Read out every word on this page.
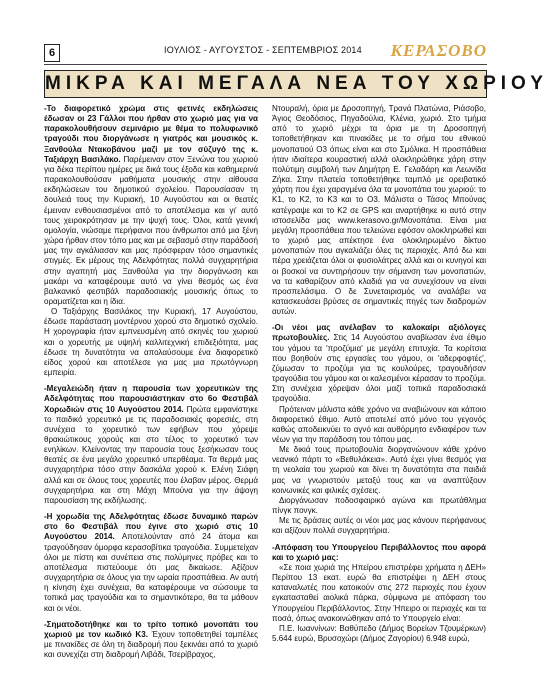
6	ΙΟΥΛΙΟΣ - ΑΥΓΟΥΣΤΟΣ - ΣΕΠΤΕΜΒΡΙΟΣ 2014 ΚΕΡΑΣΟΒΟ
ΜΙΚΡΑ ΚΑΙ ΜΕΓΑΛΑ ΝΕΑ ΤΟΥ ΧΩΡΙΟΥ

-Το διαφορετικό χρώμα στις φετινές εκδηλώσεις έδωσαν οι 23 Γάλλοι που ήρθαν στο χωριό μας για να παρακολουθήσουν σεμινάριο με θέμα το πολυφωνικό τραγούδι που διοργάνωσε η γιατρός και μουσικός κ. Ξανθούλα Ντακοβάνου μαζί με τον σύζυγό της κ. Ταξιάρχη Βασιλάκο. Παρέμειναν στον Ξενώνα του χωριού για δέκα περίπου ημέρες με δικά τους έξοδα και καθημερινά παρακολουθούσαν μαθήματα μουσικής στην αίθουσα εκδηλώσεων του δημοτικού σχολείου. Παρουσίασαν τη δουλειά τους την Κυριακή, 10 Αυγούστου και οι θεατές έμειναν ενθουσιασμένοι από το αποτέλεσμα και γι' αυτό τους χειροκρότησαν με την ψυχή τους. Όλοι, κατά γενική ομολογία, νιώσαμε περήφανοι που άνθρωποι από μια ξένη χώρα ήρθαν στον τόπο μας και με σεβασμό στην παράδοσή μας την αγκάλιασαν και μας πρόσφεραν τόσο σημαντικές στιγμές. Εκ μέρους της Αδελφότητας πολλά συγχαρητήρια στην αγαπητή μας Ξανθούλα για την διοργάνωση και μακάρι να καταφέρουμε αυτό να γίνει θεσμός ως ένα βαλκανικό φεστιβάλ παραδοσιακής μουσικής όπως το οραματίζεται και η ίδια.

Ο Ταξιάρχης Βασιλάκος την Κυριακή, 17 Αυγούστου, έδωσε παράσταση μοντέρνου χορού στο δημοτικό σχολείο. Η χορογραφία ήταν εμπνευσμένη από σκηνές του χωριού και ο χορευτής με υψηλή καλλιτεχνική επιδεξιότητα, μας έδωσε τη δυνατότητα να απολαύσουμε ένα διαφορετικό είδος χορού και αποτέλεσε για μας μια πρωτόγνωρη εμπειρία.

-Μεγαλειώδη ήταν η παρουσία των χορευτικών της Αδελφότητας που παρουσιάστηκαν στο 6ο Φεστιβάλ Χορωδιών στις 10 Αυγούστου 2014. Πρώτα εμφανίστηκε το παιδικό χορευτικό με τις παραδοσιακές φορεσιές, στη συνέχεια το χορευτικό των εφήβων που χόρεψε θρακιώτικους χορούς και στο τέλος το χορευτικό των ενηλίκων. Κλείνοντας την παρουσία τους ξεσήκωσαν τους θεατές σε ένα μεγάλο χορευτικό υπερθέαμα. Τα θερμά μας συγχαρητήρια τόσο στην δασκάλα χορού κ. Ελένη Σιάφη αλλά και σε όλους τους χορευτές που έλαβαν μέρος. Θερμά συγχαρητήρια και στη Μάχη Μπούνα για την άψογη παρουσίαση της εκδήλωσης.

-Η χορωδία της Αδελφότητας έδωσε δυναμικό παρών στο 6ο Φεστιβάλ που έγινε στο χωριό στις 10 Αυγούστου 2014. Αποτελούνταν από 24 άτομα και τραγούδησαν όμορφα κερασοβίτικα τραγούδια. Συμμετείχαν όλοι με πίστη και συνέπεια στις πολύμηνες πρόβες και το αποτέλεσμα πιστεύουμε ότι μας δικαίωσε. Αξίζουν συγχαρητήρια σε όλους για την ωραία προσπάθεια. Αν αυτή η κίνηση έχει συνέχεια, θα καταφέρουμε να σώσουμε τα τοπικά μας τραγούδια και το σημαντικότερο, θα τα μάθουν και οι νέοι.

-Σηματοδοτήθηκε και το τρίτο τοπικό μονοπάτι του χωριού με τον κωδικό Κ3. Έχουν τοποθετηθεί ταμπέλες με πινακίδες σε όλη τη διαδρομή που ξεκινάει από το χωριό και συνεχίζει στη διαδρομή Λιβάδι, Τσερίβραχος,

Ντουραλή, όρια με Δροσοπηγή, Τρανά Πλατώνια, Ριάσοβο, Άγιος Θεοδόσιος, Πηγαδούλια, Κλένια, χωριό. Στο τμήμα από το χωριό μέχρι τα όρια με τη Δροσοπηγή τοποθετήθηκαν και πινακίδες με το σήμα του εθνικού μονοπατιού Ο3 όπως είναι και στο Σμόλικα. Η προσπάθεια ήταν ιδιαίτερα κουραστική αλλά ολοκληρώθηκε χάρη στην πολύτιμη συμβολή των Δημήτρη Ε. Γελαδάρη και Λεωνίδα Ζήκα. Στην πλατεία τοποθετήθηκε ταμπλό με ορειβατικό χάρτη που έχει χαραγμένα όλα τα μονοπάτια του χωριού: το Κ1, το Κ2, το Κ3 και το Ο3. Μάλιστα ο Τάσος Μπούνας κατέγραψε και το Κ2 σε GPS και αναρτήθηκε κι αυτό στην ιστοσελίδα μας www.kerasovo.gr/Μονοπάτια. Είναι μια μεγάλη προσπάθεια που τελειώνει εφόσον ολοκληρωθεί και το χωριό μας απέκτησε ένα ολοκληρωμένο δίκτυο μονοπατιών που αγκαλιάζει όλες τις περιοχές. Από δω και πέρα χρειάζεται όλοι οι φυσιολάτρες αλλά και οι κυνηγοί και οι βοσκοί να συντηρήσουν την σήμανση των μονοπατιών, να τα καθαρίζουν από κλαδιά για να συνεχίσουν να είναι προσπελάσιμα. Ο δε Συνεταιρισμός να αναλάβει να κατασκευάσει βρύσες σε σημαντικές πηγές των διαδρομών αυτών.

-Οι νέοι μας ανέλαβαν το καλοκαίρι αξιόλογες πρωτοβουλίες. Στις 14 Αυγούστου αναβίωσαν ένα έθιμο του γάμου τα 'προζύμια' με μεγάλη επιτυχία. Τα κορίτσια που βοηθούν στις εργασίες του γάμου, οι 'αδερφοφτές', ζύμωσαν το προζύμι για τις κουλούρες, τραγουδήσαν τραγούδια του γάμου και οι καλεσμένοι κέρασαν το προζύμι. Στη συνέχεια χόρεψαν όλοι μαζί τοπικά παραδοσιακά τραγούδια.

Πρότειναν μάλιστα κάθε χρόνο να αναβιώνουν και κάποιο διαφορετικό έθιμο. Αυτό αποτελεί από μόνο του γεγονός καθώς αποδεικνύει το αγνό και αυθόρμητο ενδιαφέρον των νέων για την παράδοση του τόπου μας.

Με δικιά τους πρωτοβουλία διοργανώνουν κάθε χρόνο νεανικό πάρτι το «Βεθυλάκεια». Αυτό έχει γίνει θεσμός για τη νεολαία του χωριού και δίνει τη δυνατότητα στα παιδιά μας να γνωριστούν μεταξύ τους και να αναπτύξουν κοινωνικές και φιλικές σχέσεις.

Διοργάνωσαν ποδοσφαιρικό αγώνα και πρωτάθλημα πίνγκ πονγκ.

Με τις δράσεις αυτές οι νέοι μας μας κάνουν περήφανους και αξίζουν πολλά συγχαρητήρια.

-Απόφαση του Υπουργείου Περιβάλλοντος που αφορά και το χωριό μας:

«Σε ποια χωριά της Ηπείρου επιστρέφει χρήματα η ΔΕΗ» Περίπου 13 εκατ. ευρώ θα επιστρέψει η ΔΕΗ στους καταναλωτές που κατοικούν στις 272 περιοχές που έχουν εγκατασταθεί αιολικά πάρκα, σύμφωνα με απόφαση του Υπουργείου Περιβάλλοντος. Στην Ήπειρο οι περιοχές και τα ποσά, όπως ανακοινώθηκαν από το Υπουργείο είναι:

Π.Ε. Ιωαννίνων: Βαθύπεδο (Δήμος Βορείων Τζουμέρκων) 5.644 ευρώ, Βρυσοχώρι (Δήμος Ζαγορίου) 6.948 ευρώ,
